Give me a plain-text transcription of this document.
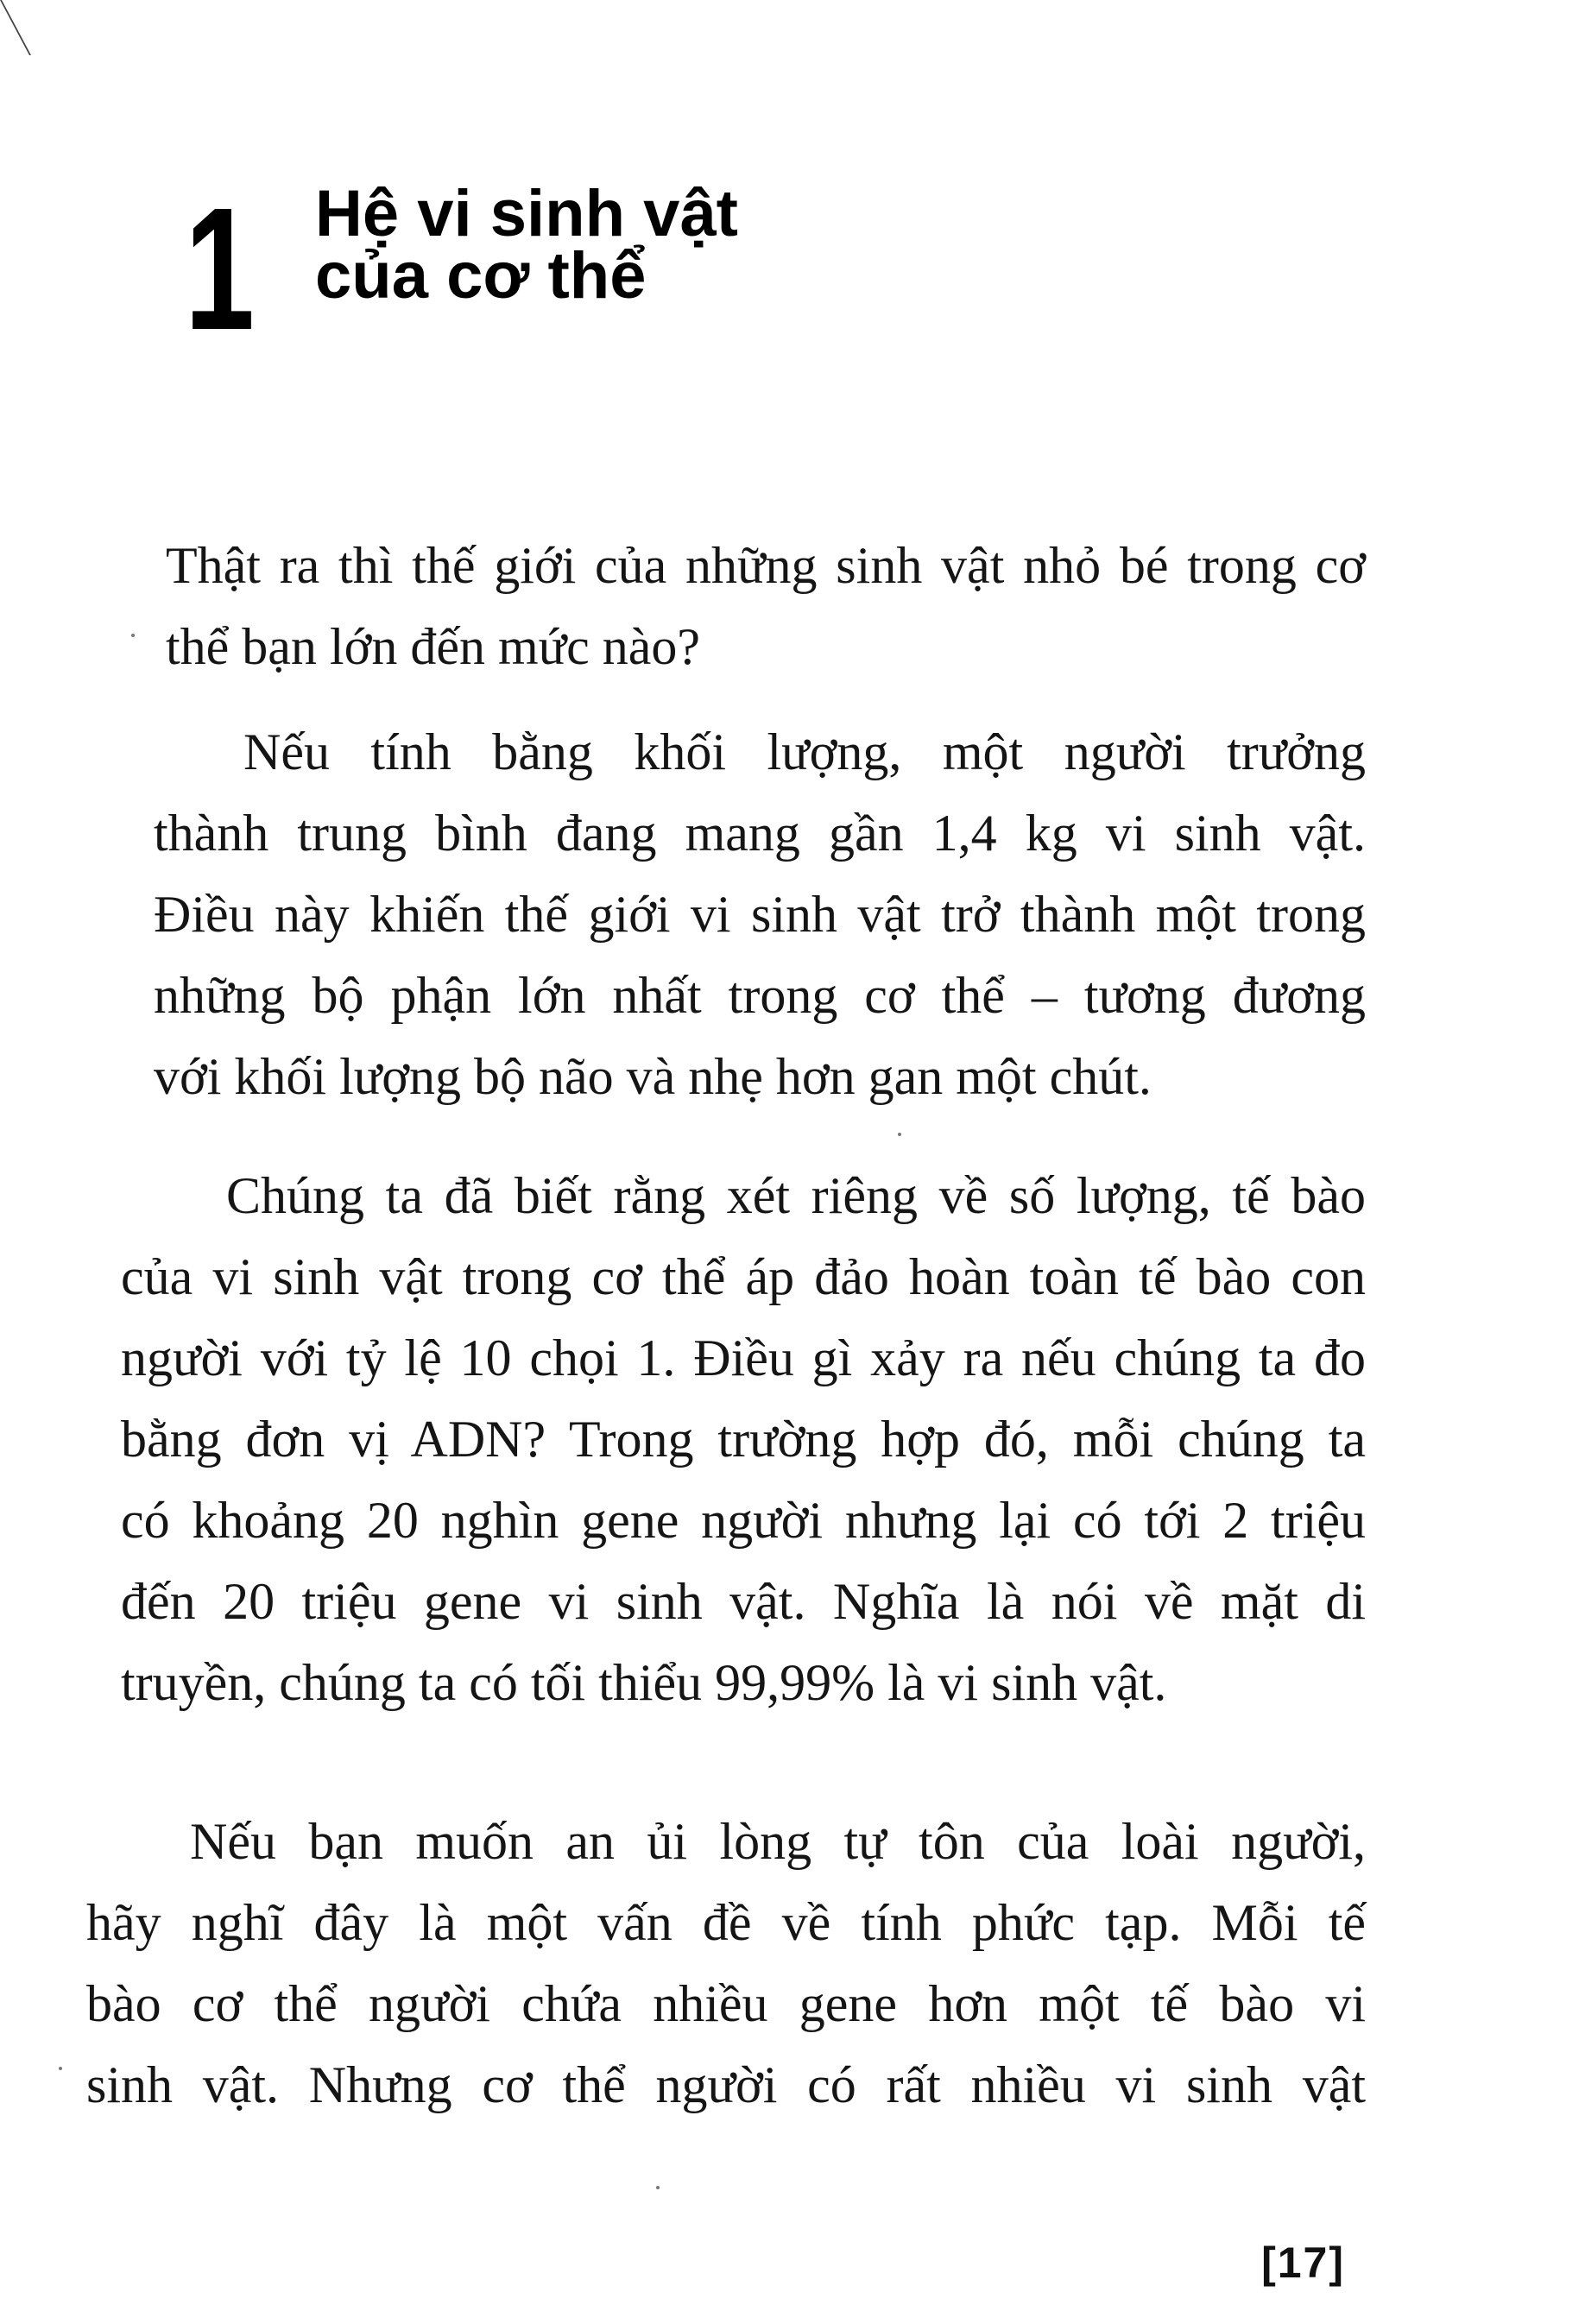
1 Hệ vi sinh vật
của cơ thể
Thật ra thì thế giới của những sinh vật nhỏ bé trong cơ
thể bạn lớn đến mức nào?
Nếu tính bằng khối lượng, một người trưởng
thành trung bình đang mang gần 1,4 kg vi sinh vật.
Điều này khiến thế giới vi sinh vật trở thành một trong
những bộ phận lớn nhất trong cơ thể – tương đương
với khối lượng bộ não và nhẹ hơn gan một chút.
Chúng ta đã biết rằng xét riêng về số lượng, tế bào
của vi sinh vật trong cơ thể áp đảo hoàn toàn tế bào con
người với tỷ lệ 10 chọi 1. Điều gì xảy ra nếu chúng ta đo
bằng đơn vị ADN? Trong trường hợp đó, mỗi chúng ta
có khoảng 20 nghìn gene người nhưng lại có tới 2 triệu
đến 20 triệu gene vi sinh vật. Nghĩa là nói về mặt di
truyền, chúng ta có tối thiểu 99,99% là vi sinh vật.
Nếu bạn muốn an ủi lòng tự tôn của loài người,
hãy nghĩ đây là một vấn đề về tính phức tạp. Mỗi tế
bào cơ thể người chứa nhiều gene hơn một tế bào vi
sinh vật. Nhưng cơ thể người có rất nhiều vi sinh vật
[17]
